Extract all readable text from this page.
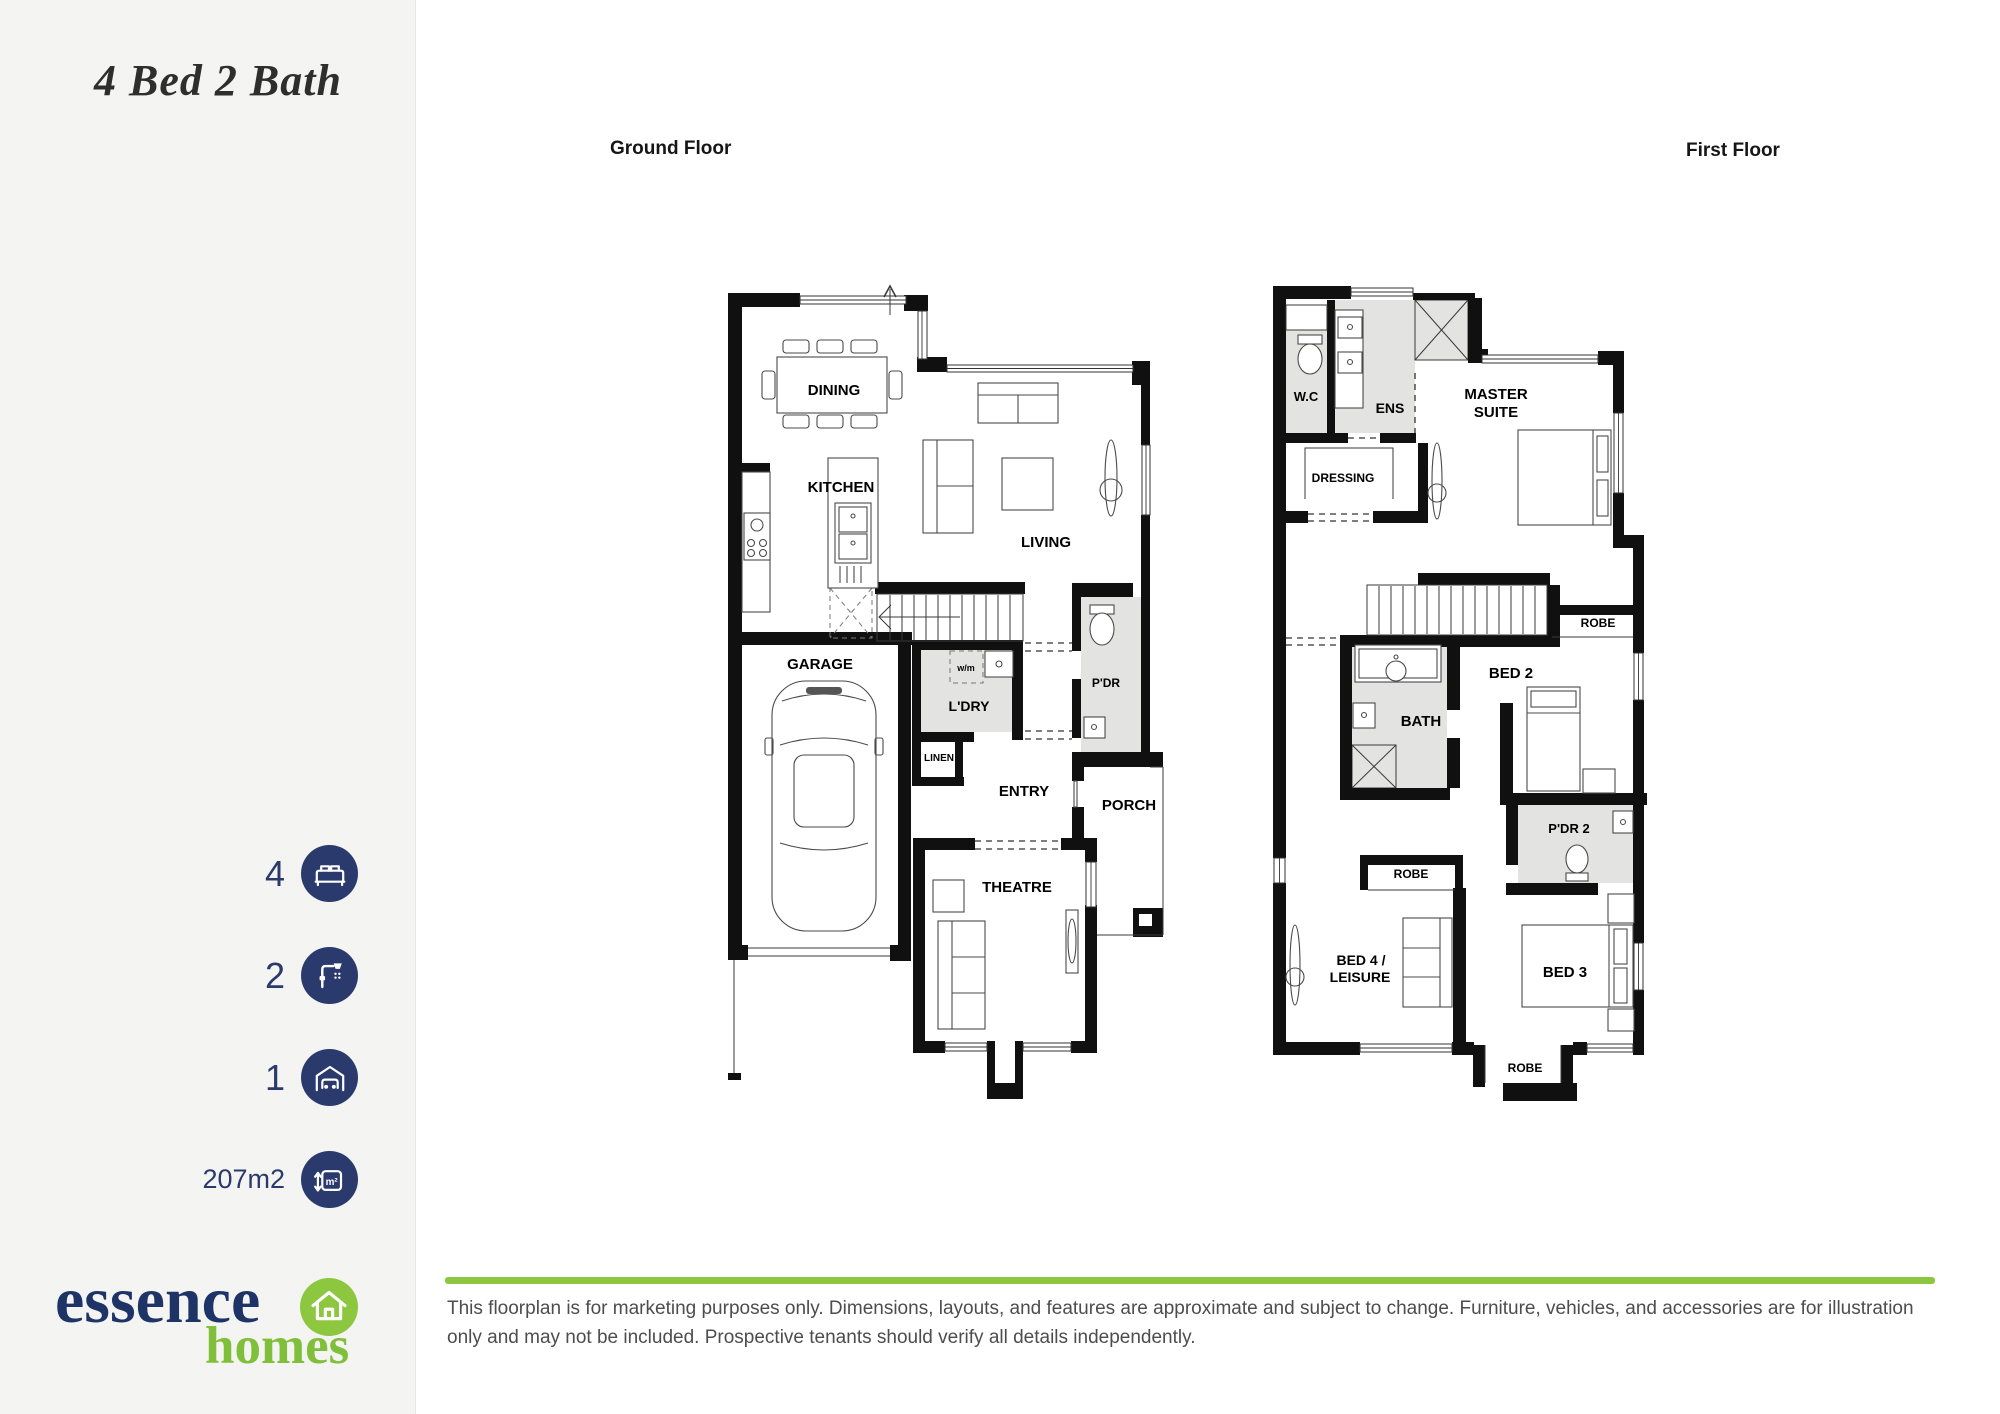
4 Bed 2 Bath
4
2
1
207m2	m²
essence
homes
Ground Floor	First Floor
DINING
KITCHEN
LIVING
GARAGE
L'DRY
w/m
P'DR
LINEN
ENTRY
PORCH
THEATRE
W.C
ENS
MASTER
SUITE
DRESSING
ROBE
BED 2
BATH
P'DR 2
ROBE
BED 4 /
LEISURE	BED 3
ROBE

This floorplan is for marketing purposes only. Dimensions, layouts, and features are approximate and subject to change. Furniture, vehicles, and accessories are for illustration only and may not be included. Prospective tenants should verify all details independently.
